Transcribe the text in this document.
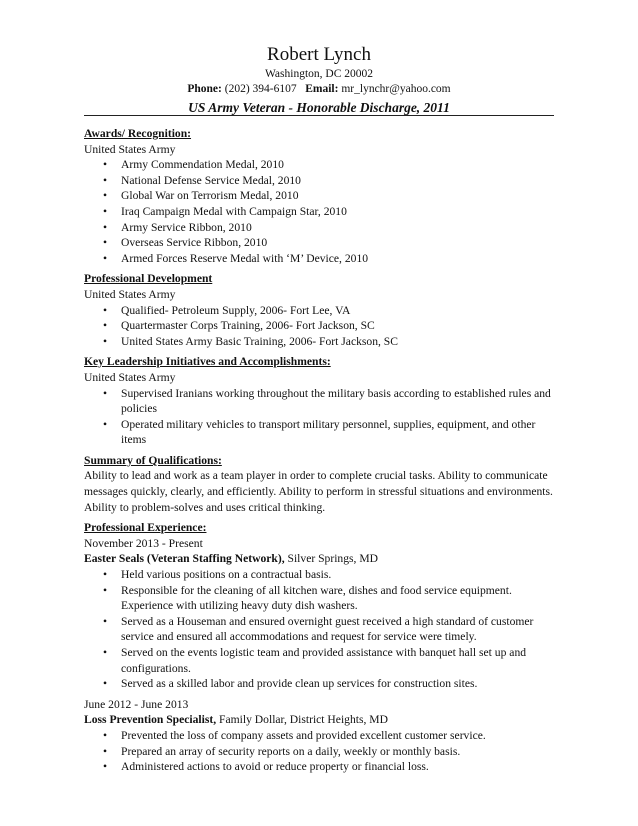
Robert Lynch
Washington, DC 20002
Phone: (202) 394-6107 Email: mr_lynchr@yahoo.com
US Army Veteran - Honorable Discharge, 2011
Awards/ Recognition:
United States Army
• Army Commendation Medal, 2010
• National Defense Service Medal, 2010
• Global War on Terrorism Medal, 2010
• Iraq Campaign Medal with Campaign Star, 2010
• Army Service Ribbon, 2010
• Overseas Service Ribbon, 2010
• Armed Forces Reserve Medal with ‘M’ Device, 2010
Professional Development
United States Army
• Qualified- Petroleum Supply, 2006- Fort Lee, VA
• Quartermaster Corps Training, 2006- Fort Jackson, SC
• United States Army Basic Training, 2006- Fort Jackson, SC
Key Leadership Initiatives and Accomplishments:
United States Army
• Supervised Iranians working throughout the military basis according to established rules and policies
• Operated military vehicles to transport military personnel, supplies, equipment, and other items
Summary of Qualifications:
Ability to lead and work as a team player in order to complete crucial tasks. Ability to communicate messages quickly, clearly, and efficiently. Ability to perform in stressful situations and environments. Ability to problem-solves and uses critical thinking.
Professional Experience:
November 2013 - Present
Easter Seals (Veteran Staffing Network), Silver Springs, MD
• Held various positions on a contractual basis.
• Responsible for the cleaning of all kitchen ware, dishes and food service equipment. Experience with utilizing heavy duty dish washers.
• Served as a Houseman and ensured overnight guest received a high standard of customer service and ensured all accommodations and request for service were timely.
• Served on the events logistic team and provided assistance with banquet hall set up and configurations.
• Served as a skilled labor and provide clean up services for construction sites.
June 2012 - June 2013
Loss Prevention Specialist, Family Dollar, District Heights, MD
• Prevented the loss of company assets and provided excellent customer service.
• Prepared an array of security reports on a daily, weekly or monthly basis.
• Administered actions to avoid or reduce property or financial loss.
